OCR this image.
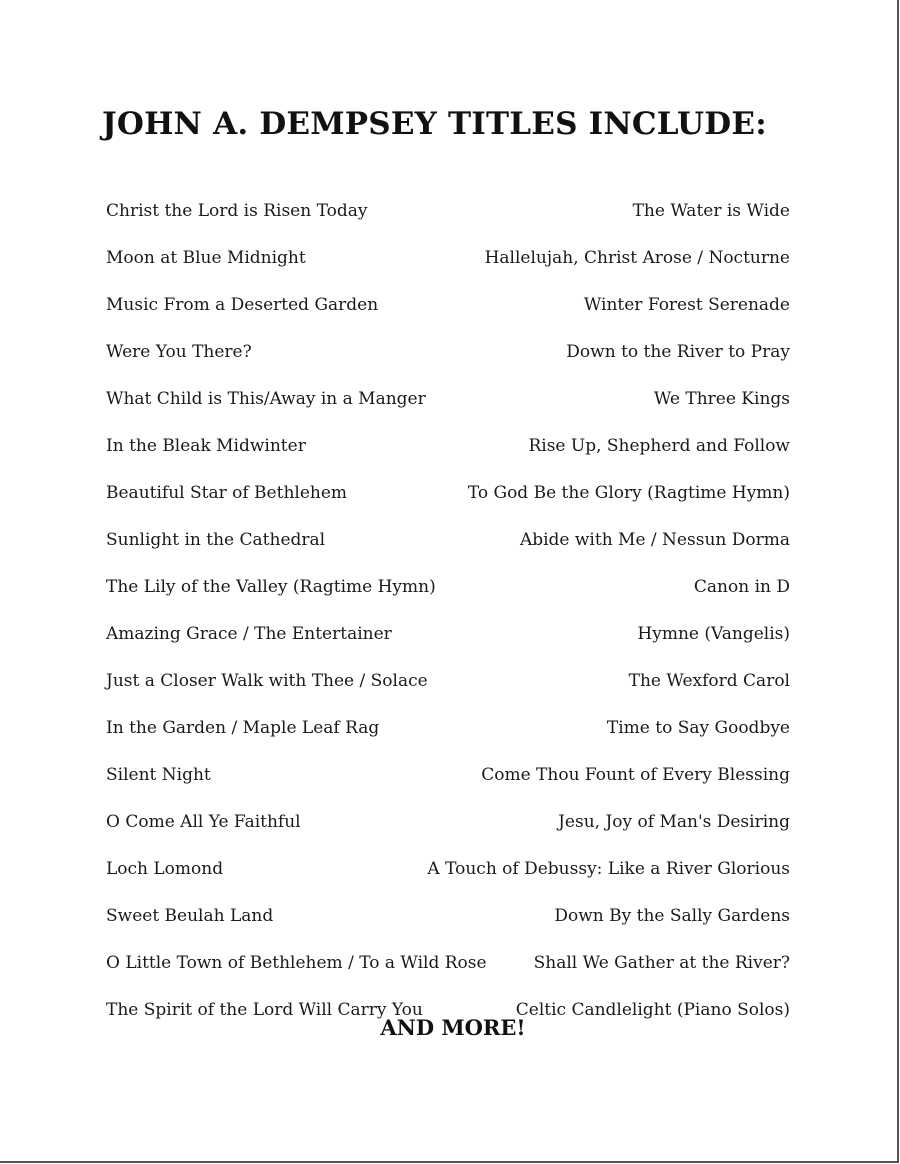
JOHN A. DEMPSEY TITLES INCLUDE:
Christ the Lord is Risen Today	The Water is Wide
Moon at Blue Midnight	Hallelujah, Christ Arose / Nocturne
Music From a Deserted Garden	Winter Forest Serenade
Were You There?	Down to the River to Pray
What Child is This/Away in a Manger	We Three Kings
In the Bleak Midwinter	Rise Up, Shepherd and Follow
Beautiful Star of Bethlehem	To God Be the Glory (Ragtime Hymn)
Sunlight in the Cathedral	Abide with Me / Nessun Dorma
The Lily of the Valley (Ragtime Hymn)	Canon in D
Amazing Grace / The Entertainer	Hymne (Vangelis)
Just a Closer Walk with Thee / Solace	The Wexford Carol
In the Garden / Maple Leaf Rag	Time to Say Goodbye
Silent Night	Come Thou Fount of Every Blessing
O Come All Ye Faithful	Jesu, Joy of Man's Desiring
Loch Lomond	A Touch of Debussy: Like a River Glorious
Sweet Beulah Land	Down By the Sally Gardens
O Little Town of Bethlehem / To a Wild Rose	Shall We Gather at the River?
The Spirit of the Lord Will Carry You	Celtic Candlelight (Piano Solos)

AND MORE!
